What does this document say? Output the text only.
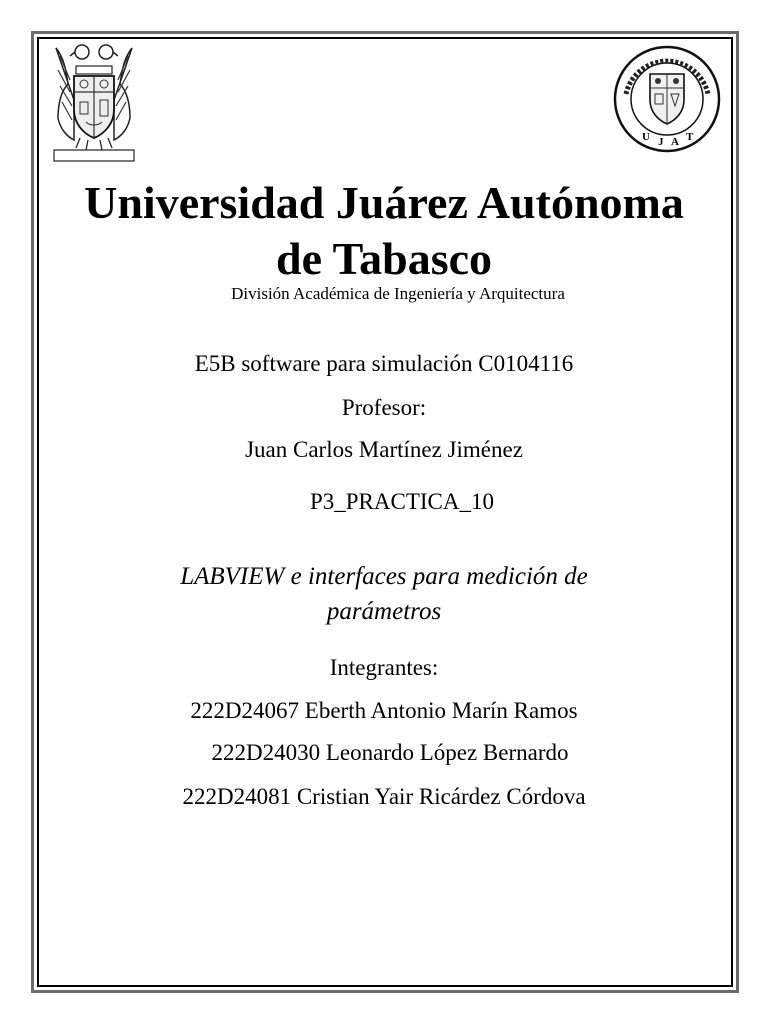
U J A T
Universidad Juárez Autónoma
de Tabasco
División Académica de Ingeniería y Arquitectura
E5B software para simulación C0104116
Profesor:
Juan Carlos Martínez Jiménez
P3_PRACTICA_10
LABVIEW e interfaces para medición de
parámetros
Integrantes:
222D24067 Eberth Antonio Marín Ramos
222D24030 Leonardo López Bernardo
222D24081 Cristian Yair Ricárdez Córdova
